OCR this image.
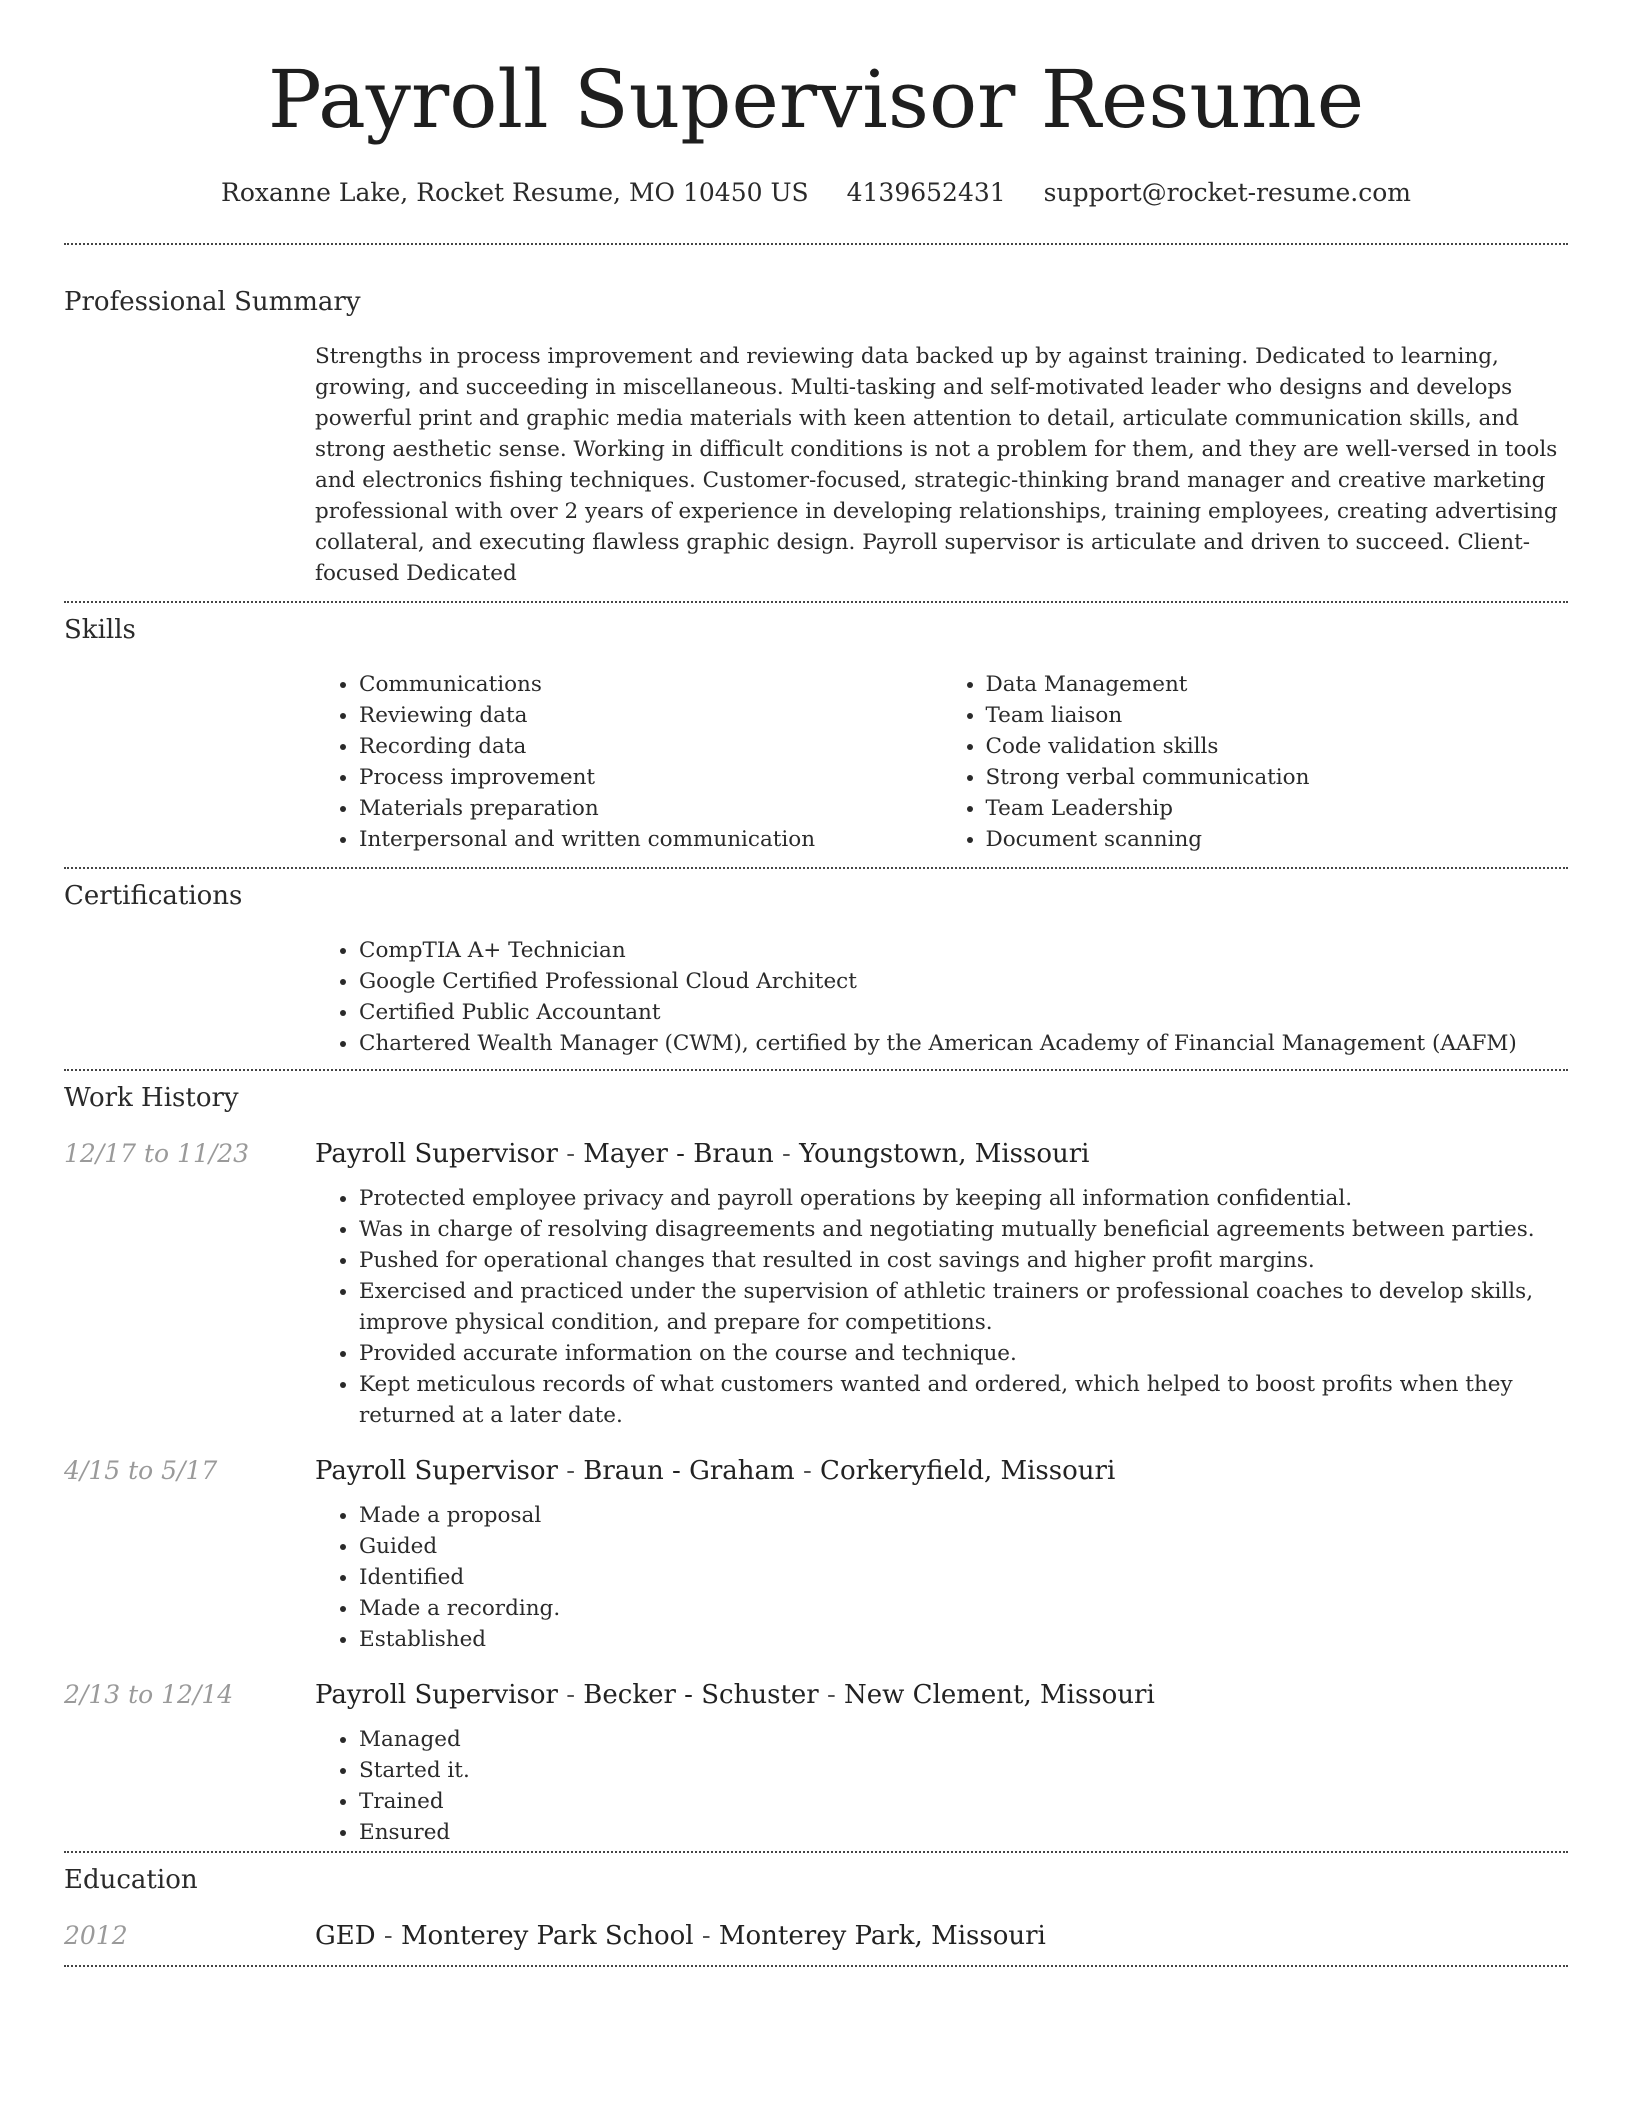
Payroll Supervisor Resume
Roxanne Lake, Rocket Resume, MO 10450 US 4139652431 support@rocket-resume.com
Professional Summary
Strengths in process improvement and reviewing data backed up by against training. Dedicated to learning, growing, and succeeding in miscellaneous. Multi-tasking and self-motivated leader who designs and develops powerful print and graphic media materials with keen attention to detail, articulate communication skills, and strong aesthetic sense. Working in difficult conditions is not a problem for them, and they are well-versed in tools and electronics fishing techniques. Customer-focused, strategic-thinking brand manager and creative marketing professional with over 2 years of experience in developing relationships, training employees, creating advertising collateral, and executing flawless graphic design. Payroll supervisor is articulate and driven to succeed. Client-focused Dedicated
Skills
• Communications
• Reviewing data
• Recording data
• Process improvement
• Materials preparation
• Interpersonal and written communication
• Data Management
• Team liaison
• Code validation skills
• Strong verbal communication
• Team Leadership
• Document scanning
Certifications
• CompTIA A+ Technician
• Google Certified Professional Cloud Architect
• Certified Public Accountant
• Chartered Wealth Manager (CWM), certified by the American Academy of Financial Management (AAFM)
Work History
12/17 to 11/23	Payroll Supervisor - Mayer - Braun - Youngstown, Missouri
• Protected employee privacy and payroll operations by keeping all information confidential.
• Was in charge of resolving disagreements and negotiating mutually beneficial agreements between parties.
• Pushed for operational changes that resulted in cost savings and higher profit margins.
• Exercised and practiced under the supervision of athletic trainers or professional coaches to develop skills, improve physical condition, and prepare for competitions.
• Provided accurate information on the course and technique.
• Kept meticulous records of what customers wanted and ordered, which helped to boost profits when they returned at a later date.
4/15 to 5/17	Payroll Supervisor - Braun - Graham - Corkeryfield, Missouri
• Made a proposal
• Guided
• Identified
• Made a recording.
• Established
2/13 to 12/14	Payroll Supervisor - Becker - Schuster - New Clement, Missouri
• Managed
• Started it.
• Trained
• Ensured
Education
2012	GED - Monterey Park School - Monterey Park, Missouri
